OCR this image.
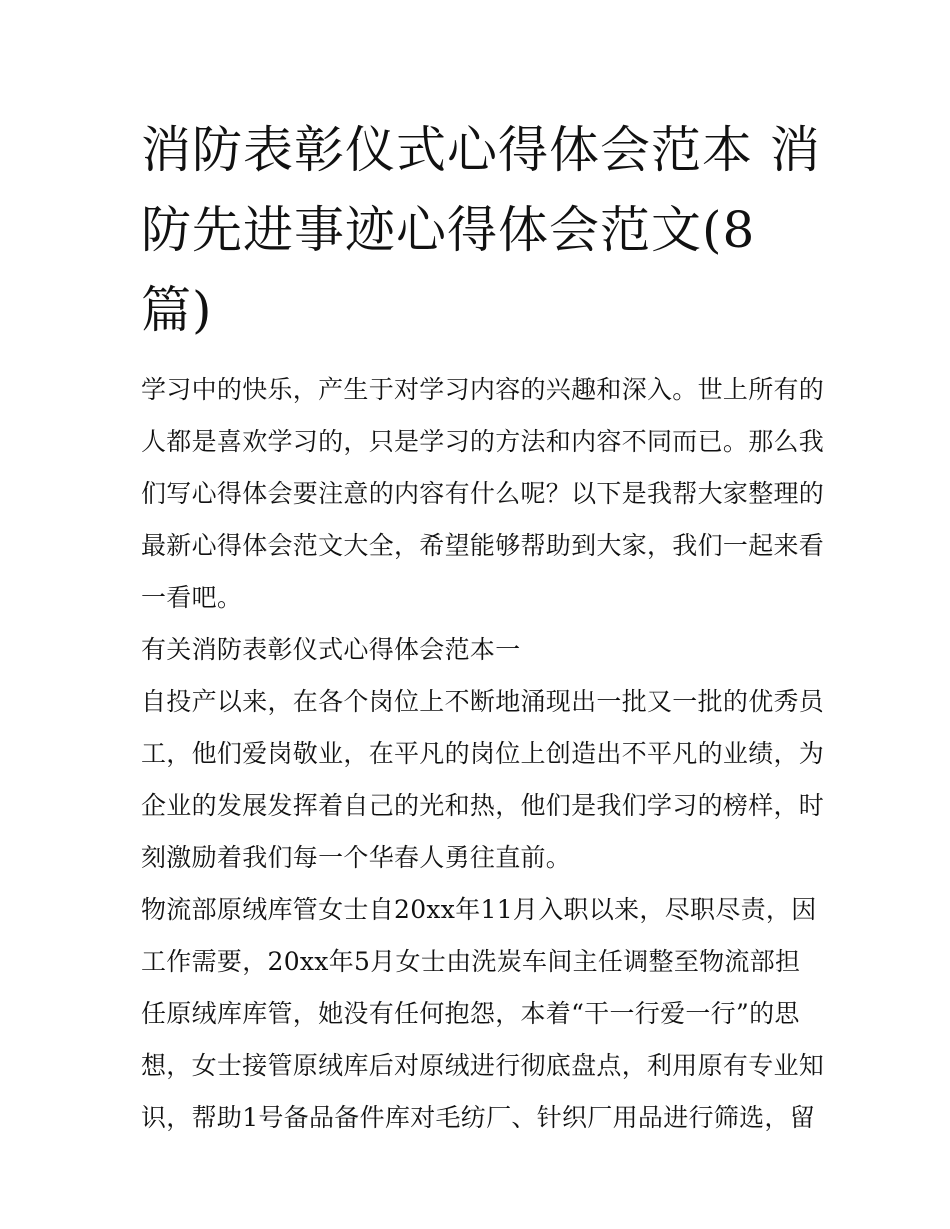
消防表彰仪式心得体会范本 消
防先进事迹心得体会范文(8
篇)

学习中的快乐，产生于对学习内容的兴趣和深入。世上所有的
人都是喜欢学习的，只是学习的方法和内容不同而已。那么我
们写心得体会要注意的内容有什么呢？以下是我帮大家整理的
最新心得体会范文大全，希望能够帮助到大家，我们一起来看
一看吧。

有关消防表彰仪式心得体会范本一

自投产以来，在各个岗位上不断地涌现出一批又一批的优秀员
工，他们爱岗敬业，在平凡的岗位上创造出不平凡的业绩，为
企业的发展发挥着自己的光和热，他们是我们学习的榜样，时
刻激励着我们每一个华春人勇往直前。

物流部原绒库管女士自20xx年11月入职以来，尽职尽责，因
工作需要，20xx年5月女士由洗炭车间主任调整至物流部担
任原绒库库管，她没有任何抱怨，本着“干一行爱一行”的思
想，女士接管原绒库后对原绒进行彻底盘点，利用原有专业知
识，帮助1号备品备件库对毛纺厂、针织厂用品进行筛选，留
